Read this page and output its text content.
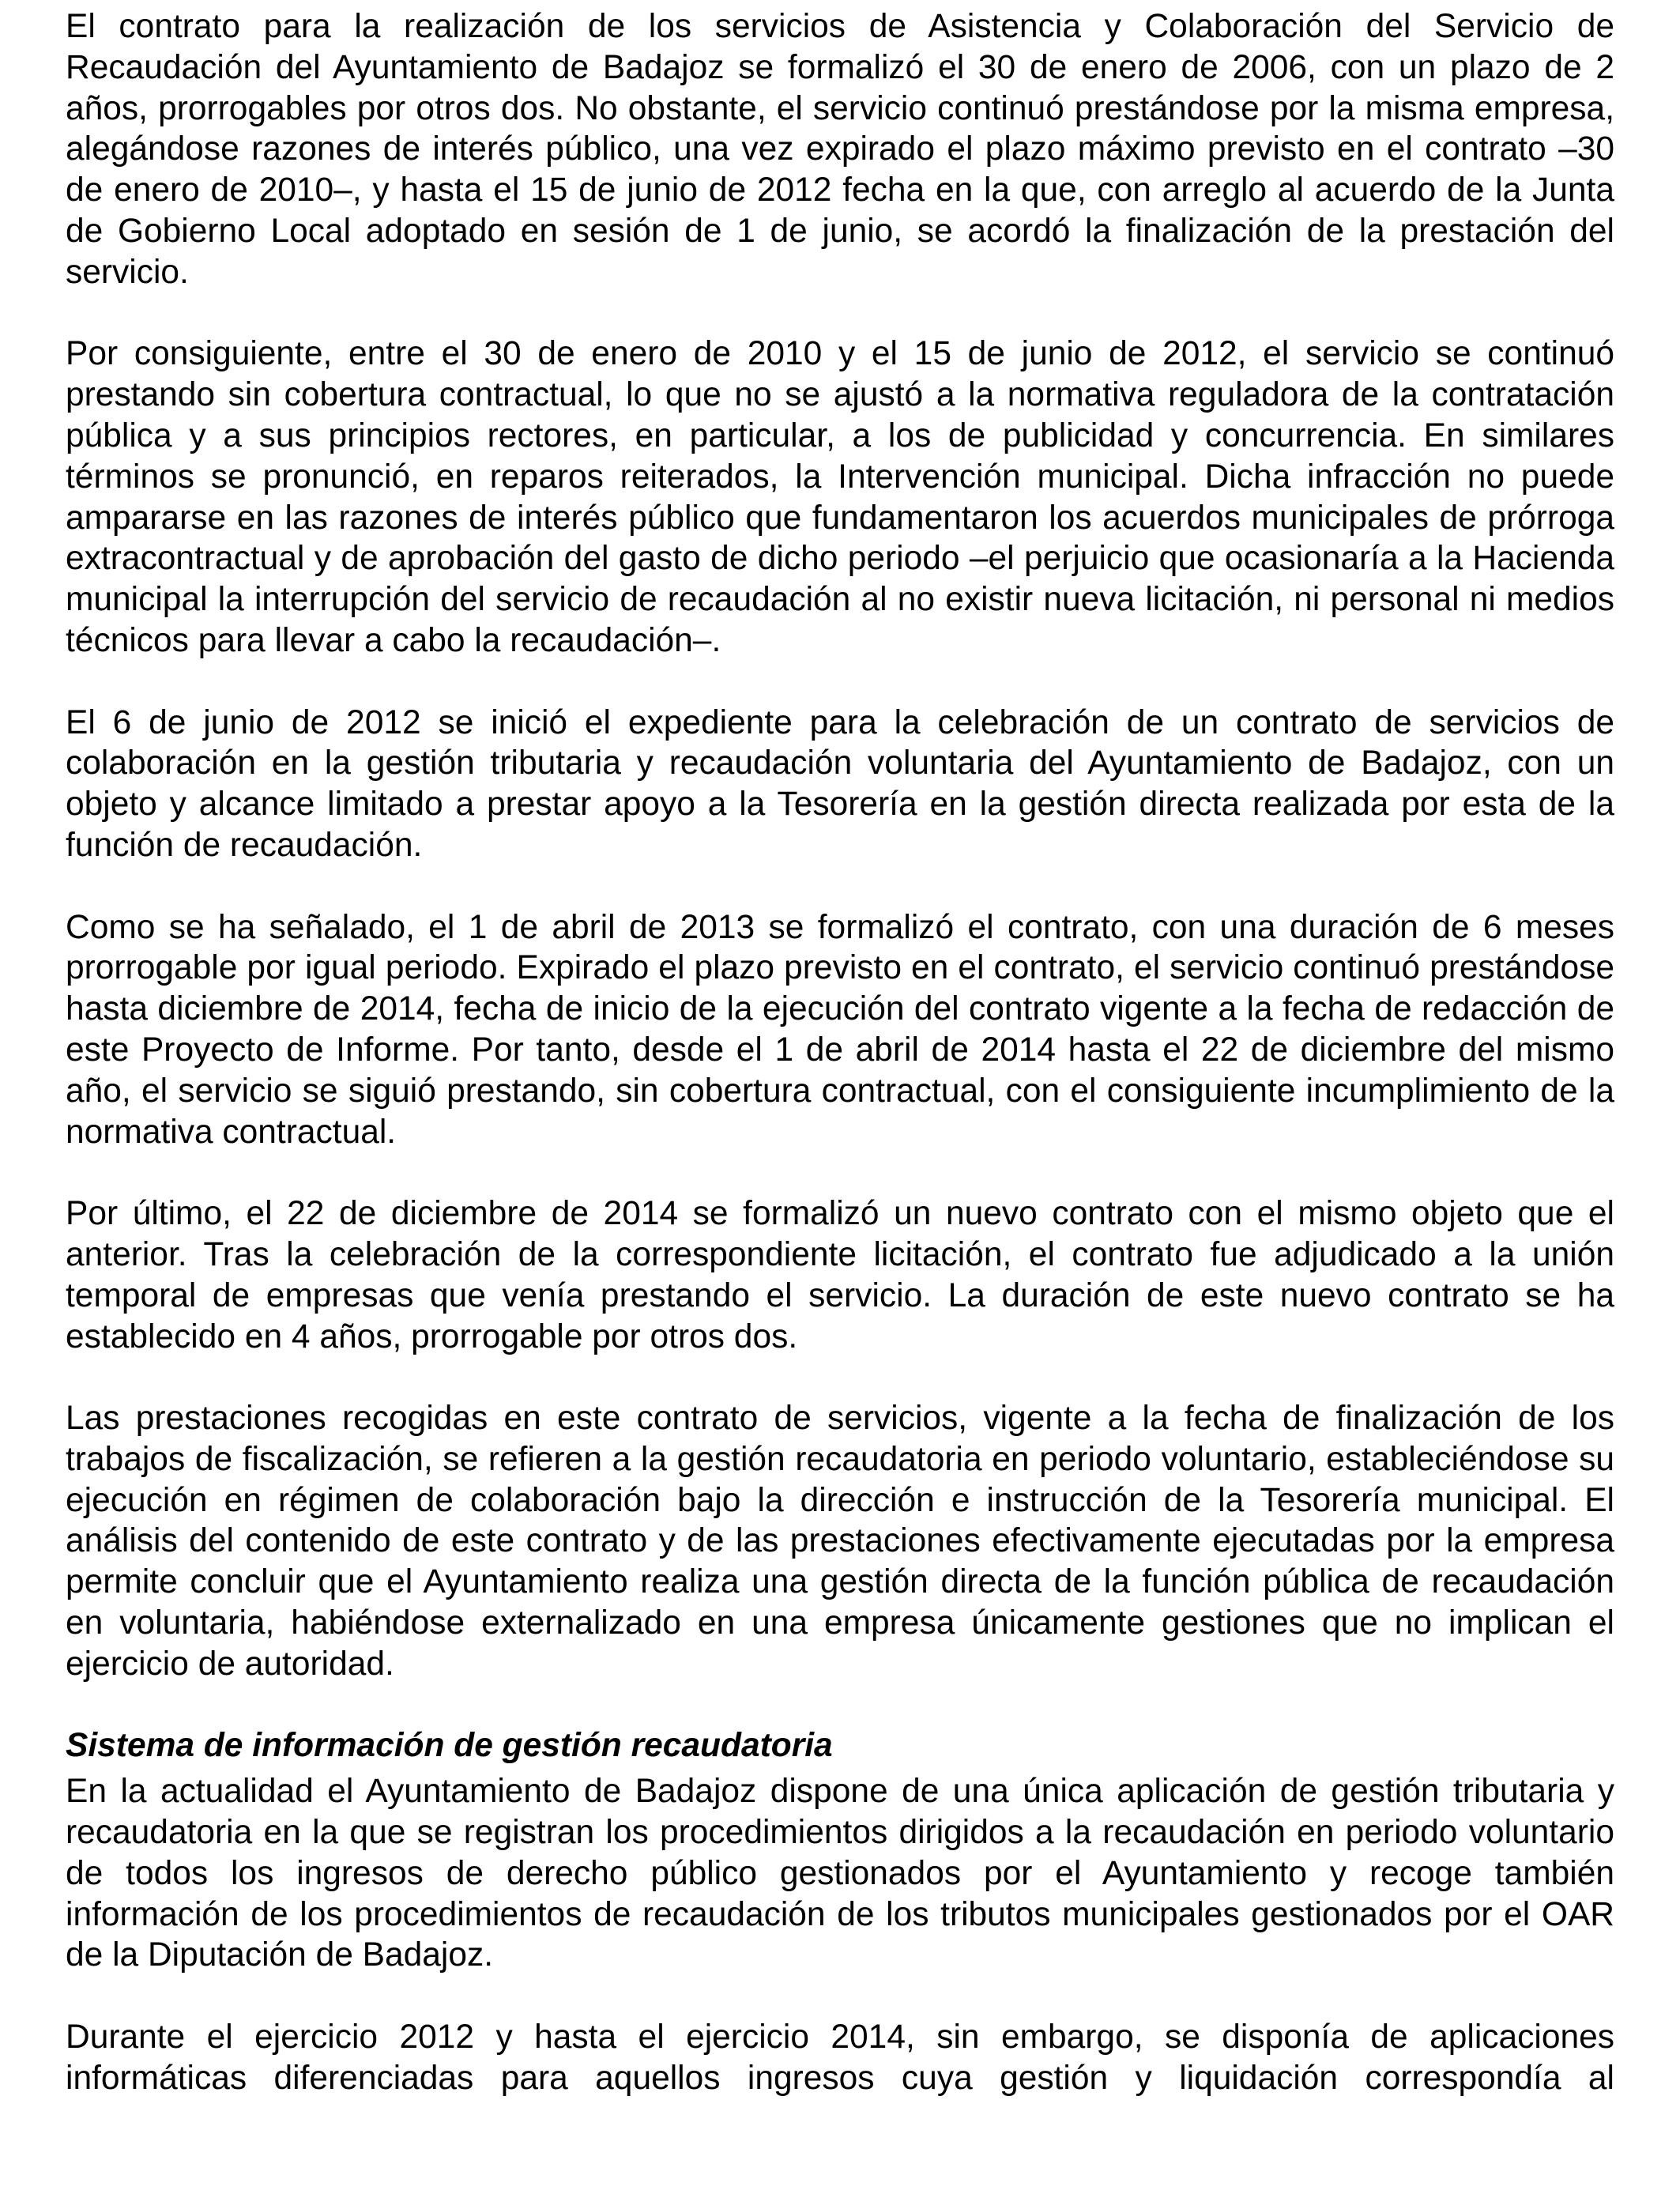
El contrato para la realización de los servicios de Asistencia y Colaboración del Servicio de Recaudación del Ayuntamiento de Badajoz se formalizó el 30 de enero de 2006, con un plazo de 2 años, prorrogables por otros dos. No obstante, el servicio continuó prestándose por la misma empresa, alegándose razones de interés público, una vez expirado el plazo máximo previsto en el contrato –30 de enero de 2010–, y hasta el 15 de junio de 2012 fecha en la que, con arreglo al acuerdo de la Junta de Gobierno Local adoptado en sesión de 1 de junio, se acordó la finalización de la prestación del servicio.

Por consiguiente, entre el 30 de enero de 2010 y el 15 de junio de 2012, el servicio se continuó prestando sin cobertura contractual, lo que no se ajustó a la normativa reguladora de la contratación pública y a sus principios rectores, en particular, a los de publicidad y concurrencia. En similares términos se pronunció, en reparos reiterados, la Intervención municipal. Dicha infracción no puede ampararse en las razones de interés público que fundamentaron los acuerdos municipales de prórroga extracontractual y de aprobación del gasto de dicho periodo –el perjuicio que ocasionaría a la Hacienda municipal la interrupción del servicio de recaudación al no existir nueva licitación, ni personal ni medios técnicos para llevar a cabo la recaudación–.

El 6 de junio de 2012 se inició el expediente para la celebración de un contrato de servicios de colaboración en la gestión tributaria y recaudación voluntaria del Ayuntamiento de Badajoz, con un objeto y alcance limitado a prestar apoyo a la Tesorería en la gestión directa realizada por esta de la función de recaudación.

Como se ha señalado, el 1 de abril de 2013 se formalizó el contrato, con una duración de 6 meses prorrogable por igual periodo. Expirado el plazo previsto en el contrato, el servicio continuó prestándose hasta diciembre de 2014, fecha de inicio de la ejecución del contrato vigente a la fecha de redacción de este Proyecto de Informe. Por tanto, desde el 1 de abril de 2014 hasta el 22 de diciembre del mismo año, el servicio se siguió prestando, sin cobertura contractual, con el consiguiente incumplimiento de la normativa contractual.

Por último, el 22 de diciembre de 2014 se formalizó un nuevo contrato con el mismo objeto que el anterior. Tras la celebración de la correspondiente licitación, el contrato fue adjudicado a la unión temporal de empresas que venía prestando el servicio. La duración de este nuevo contrato se ha establecido en 4 años, prorrogable por otros dos.

Las prestaciones recogidas en este contrato de servicios, vigente a la fecha de finalización de los trabajos de fiscalización, se refieren a la gestión recaudatoria en periodo voluntario, estableciéndose su ejecución en régimen de colaboración bajo la dirección e instrucción de la Tesorería municipal. El análisis del contenido de este contrato y de las prestaciones efectivamente ejecutadas por la empresa permite concluir que el Ayuntamiento realiza una gestión directa de la función pública de recaudación en voluntaria, habiéndose externalizado en una empresa únicamente gestiones que no implican el ejercicio de autoridad.

Sistema de información de gestión recaudatoria

En la actualidad el Ayuntamiento de Badajoz dispone de una única aplicación de gestión tributaria y recaudatoria en la que se registran los procedimientos dirigidos a la recaudación en periodo voluntario de todos los ingresos de derecho público gestionados por el Ayuntamiento y recoge también información de los procedimientos de recaudación de los tributos municipales gestionados por el OAR de la Diputación de Badajoz.

Durante el ejercicio 2012 y hasta el ejercicio 2014, sin embargo, se disponía de aplicaciones informáticas diferenciadas para aquellos ingresos cuya gestión y liquidación correspondía al
